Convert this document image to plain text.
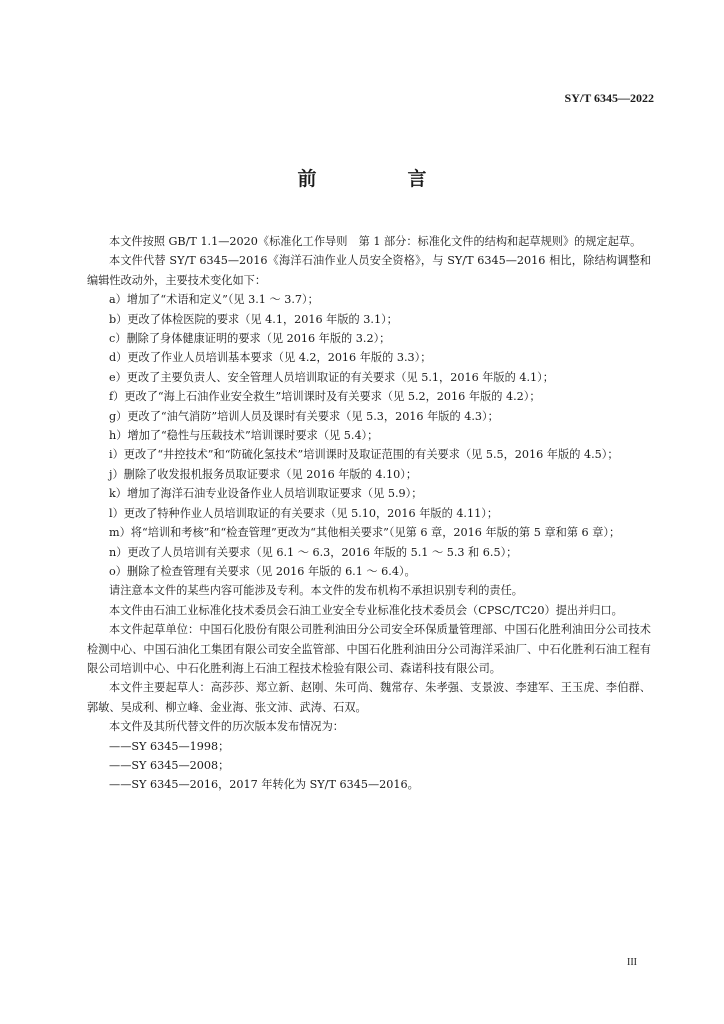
SY/T 6345—2022
前　言

本文件按照 GB/T 1.1—2020《标准化工作导则　第 1 部分：标准化文件的结构和起草规则》的规定起草。

本文件代替 SY/T 6345—2016《海洋石油作业人员安全资格》，与 SY/T 6345—2016 相比，除结构调整和编辑性改动外，主要技术变化如下：

a）增加了“术语和定义”（见 3.1 ～ 3.7）；
b）更改了体检医院的要求（见 4.1，2016 年版的 3.1）；
c）删除了身体健康证明的要求（见 2016 年版的 3.2）；
d）更改了作业人员培训基本要求（见 4.2，2016 年版的 3.3）；
e）更改了主要负责人、安全管理人员培训取证的有关要求（见 5.1，2016 年版的 4.1）；
f）更改了“海上石油作业安全救生”培训课时及有关要求（见 5.2，2016 年版的 4.2）；
g）更改了“油气消防”培训人员及课时有关要求（见 5.3，2016 年版的 4.3）；
h）增加了“稳性与压载技术”培训课时要求（见 5.4）；
i）更改了“井控技术”和“防硫化氢技术”培训课时及取证范围的有关要求（见 5.5，2016 年版的 4.5）；
j）删除了收发报机报务员取证要求（见 2016 年版的 4.10）；
k）增加了海洋石油专业设备作业人员培训取证要求（见 5.9）；
l）更改了特种作业人员培训取证的有关要求（见 5.10，2016 年版的 4.11）；
m）将“培训和考核”和“检查管理”更改为“其他相关要求”（见第 6 章，2016 年版的第 5 章和第 6 章）；
n）更改了人员培训有关要求（见 6.1 ～ 6.3，2016 年版的 5.1 ～ 5.3 和 6.5）；
o）删除了检查管理有关要求（见 2016 年版的 6.1 ～ 6.4）。

请注意本文件的某些内容可能涉及专利。本文件的发布机构不承担识别专利的责任。

本文件由石油工业标准化技术委员会石油工业安全专业标准化技术委员会（CPSC/TC20）提出并归口。

本文件起草单位：中国石化股份有限公司胜利油田分公司安全环保质量管理部、中国石化胜利油田分公司技术检测中心、中国石油化工集团有限公司安全监管部、中国石化胜利油田分公司海洋采油厂、中石化胜利石油工程有限公司培训中心、中石化胜利海上石油工程技术检验有限公司、森诺科技有限公司。

本文件主要起草人：高莎莎、郑立新、赵刚、朱可尚、魏常存、朱孝强、支景波、李建军、王玉虎、李伯群、郭敏、吴成利、柳立峰、金业海、张文沛、武涛、石双。

本文件及其所代替文件的历次版本发布情况为：

——SY 6345—1998；
——SY 6345—2008；
——SY 6345—2016，2017 年转化为 SY/T 6345—2016。
III
